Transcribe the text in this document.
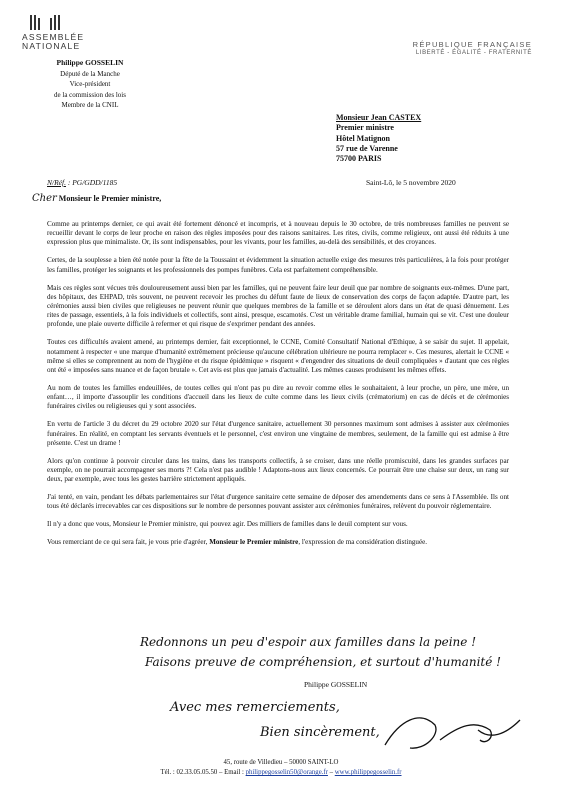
ASSEMBLÉE
NATIONALE
Philippe GOSSELIN
Député de la Manche
Vice-président
de la commission des lois
Membre de la CNIL
RÉPUBLIQUE FRANÇAISE
LIBERTÉ - ÉGALITÉ - FRATERNITÉ
Monsieur Jean CASTEX
Premier ministre
Hôtel Matignon
57 rue de Varenne
75700 PARIS
N/Réf. : PG/GDD/1185	Saint-Lô, le 5 novembre 2020
Cher Monsieur le Premier ministre,

Comme au printemps dernier, ce qui avait été fortement dénoncé et incompris, et à nouveau depuis le 30 octobre, de très nombreuses familles ne peuvent se recueillir devant le corps de leur proche en raison des règles imposées pour des raisons sanitaires. Les rites, civils, comme religieux, ont aussi été réduits à une expression plus que minimaliste. Or, ils sont indispensables, pour les vivants, pour les familles, au-delà des sensibilités, et des croyances.

Certes, de la souplesse a bien été notée pour la fête de la Toussaint et évidemment la situation actuelle exige des mesures très particulières, à la fois pour protéger les familles, protéger les soignants et les professionnels des pompes funèbres. Cela est parfaitement compréhensible.

Mais ces règles sont vécues très douloureusement aussi bien par les familles, qui ne peuvent faire leur deuil que par nombre de soignants eux-mêmes. D'une part, des hôpitaux, des EHPAD, très souvent, ne peuvent recevoir les proches du défunt faute de lieux de conservation des corps de façon adaptée. D'autre part, les cérémonies aussi bien civiles que religieuses ne peuvent réunir que quelques membres de la famille et se déroulent alors dans un état de quasi dénuement. Les rites de passage, essentiels, à la fois individuels et collectifs, sont ainsi, presque, escamotés. C'est un véritable drame familial, humain qui se vit. C'est une douleur profonde, une plaie ouverte difficile à refermer et qui risque de s'exprimer pendant des années.

Toutes ces difficultés avaient amené, au printemps dernier, fait exceptionnel, le CCNE, Comité Consultatif National d'Ethique, à se saisir du sujet. Il appelait, notamment à respecter « une marque d'humanité extrêmement précieuse qu'aucune célébration ultérieure ne pourra remplacer ». Ces mesures, alertait le CCNE « même si elles se comprennent au nom de l'hygiène et du risque épidémique » risquent « d'engendrer des situations de deuil compliquées » d'autant que ces règles ont été « imposées sans nuance et de façon brutale ». Cet avis est plus que jamais d'actualité. Les mêmes causes produisent les mêmes effets.

Au nom de toutes les familles endeuillées, de toutes celles qui n'ont pas pu dire au revoir comme elles le souhaitaient, à leur proche, un père, une mère, un enfant…, il importe d'assouplir les conditions d'accueil dans les lieux de culte comme dans les lieux civils (crématorium) en cas de décès et de cérémonies funéraires civiles ou religieuses qui y sont associées.

En vertu de l'article 3 du décret du 29 octobre 2020 sur l'état d'urgence sanitaire, actuellement 30 personnes maximum sont admises à assister aux cérémonies funéraires. En réalité, en comptant les servants éventuels et le personnel, c'est environ une vingtaine de membres, seulement, de la famille qui est admise à être présente. C'est un drame !

Alors qu'on continue à pouvoir circuler dans les trains, dans les transports collectifs, à se croiser, dans une réelle promiscuité, dans les grandes surfaces par exemple, on ne pourrait accompagner ses morts ?! Cela n'est pas audible ! Adaptons-nous aux lieux concernés. Ce pourrait être une chaise sur deux, un rang sur deux, par exemple, avec tous les gestes barrière strictement appliqués.

J'ai tenté, en vain, pendant les débats parlementaires sur l'état d'urgence sanitaire cette semaine de déposer des amendements dans ce sens à l'Assemblée. Ils ont tous été déclarés irrecevables car ces dispositions sur le nombre de personnes pouvant assister aux cérémonies funéraires, relèvent du pouvoir réglementaire.

Il n'y a donc que vous, Monsieur le Premier ministre, qui pouvez agir. Des milliers de familles dans le deuil comptent sur vous.

Vous remerciant de ce qui sera fait, je vous prie d'agréer, Monsieur le Premier ministre, l'expression de ma considération distinguée.

Redonnons un peu d'espoir aux familles dans la peine !
Faisons preuve de compréhension, et surtout d'humanité !
Philippe GOSSELIN
Avec mes remerciements,
Bien sincèrement,
45, route de Villedieu – 50000 SAINT-LO
Tél. : 02.33.05.05.50 – Email : philippegosselin50@orange.fr – www.philippegosselin.fr
